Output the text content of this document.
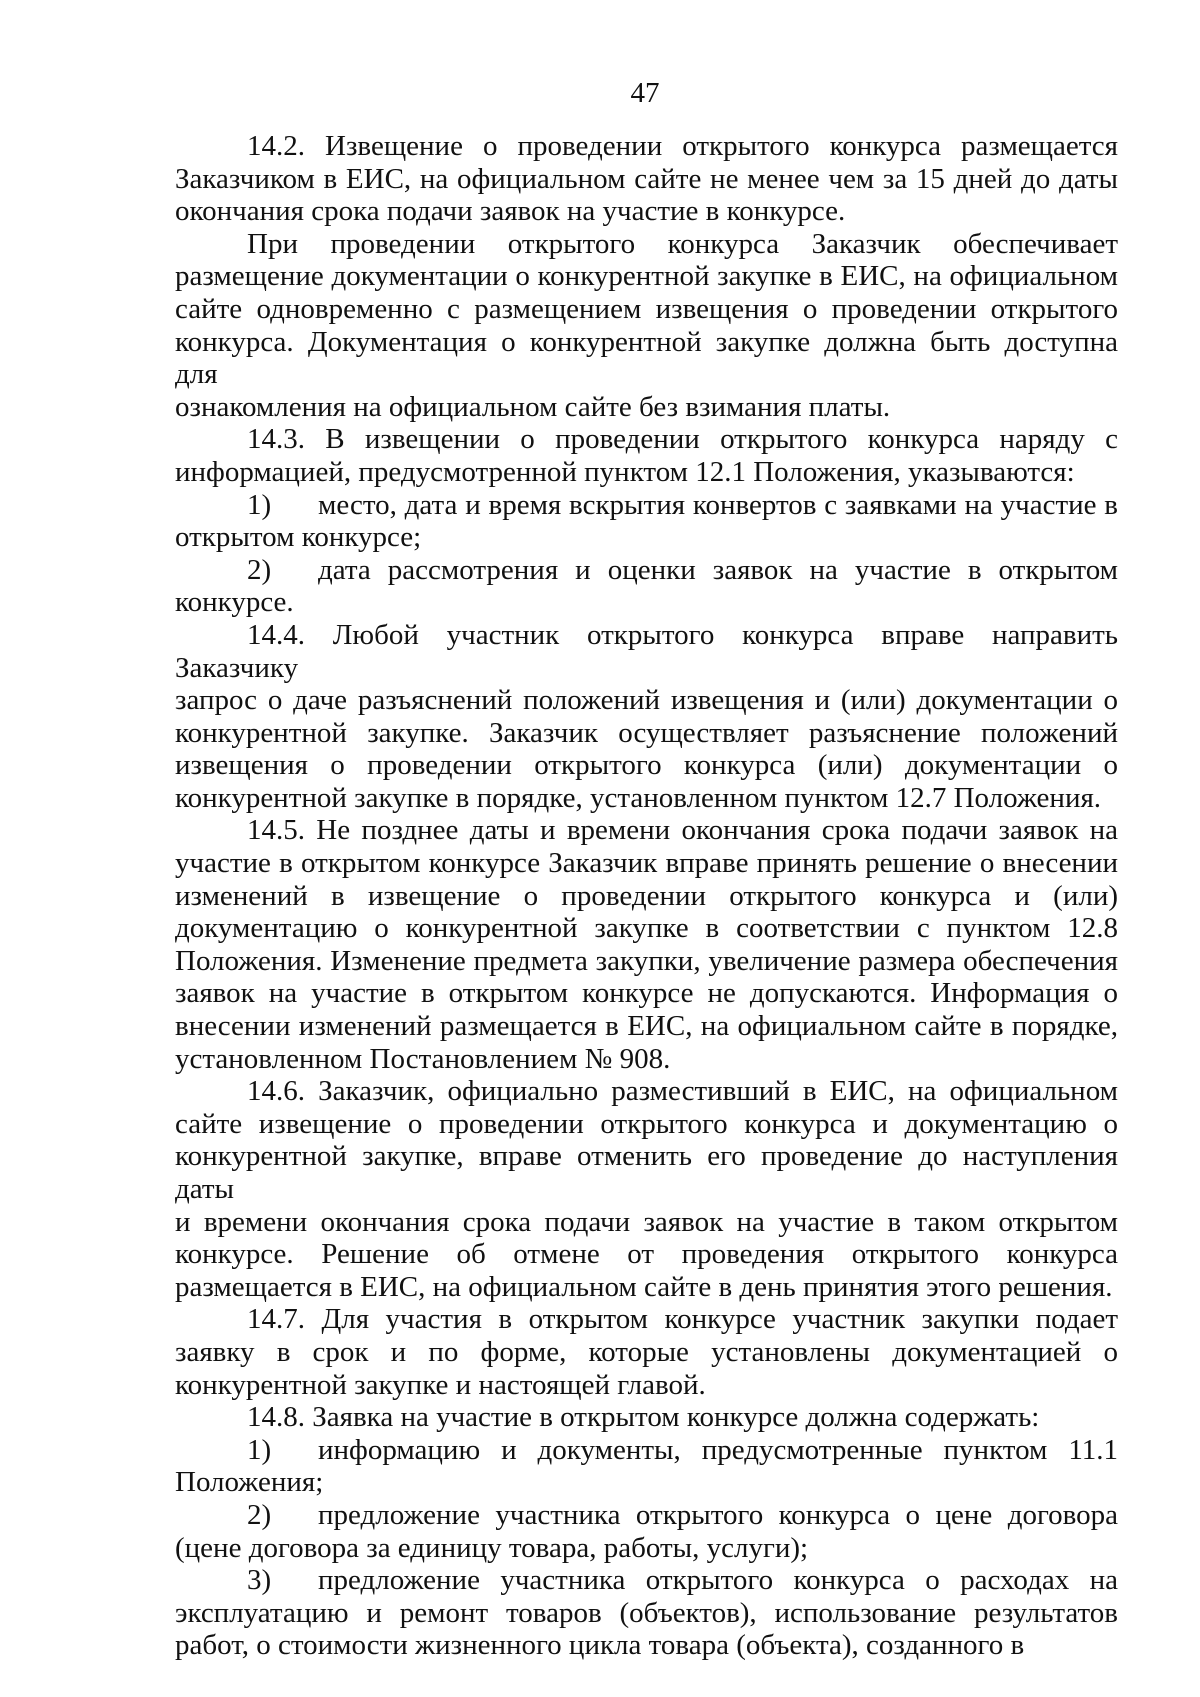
47
14.2. Извещение о проведении открытого конкурса размещается
Заказчиком в ЕИС, на официальном сайте не менее чем за 15 дней до даты
окончания срока подачи заявок на участие в конкурсе.
При проведении открытого конкурса Заказчик обеспечивает
размещение документации о конкурентной закупке в ЕИС, на официальном
сайте одновременно с размещением извещения о проведении открытого
конкурса. Документация о конкурентной закупке должна быть доступна для
ознакомления на официальном сайте без взимания платы.
14.3. В извещении о проведении открытого конкурса наряду с
информацией, предусмотренной пунктом 12.1 Положения, указываются:
1) место, дата и время вскрытия конвертов с заявками на участие в
открытом конкурсе;
2) дата рассмотрения и оценки заявок на участие в открытом
конкурсе.
14.4. Любой участник открытого конкурса вправе направить Заказчику
запрос о даче разъяснений положений извещения и (или) документации о
конкурентной закупке. Заказчик осуществляет разъяснение положений
извещения о проведении открытого конкурса (или) документации о
конкурентной закупке в порядке, установленном пунктом 12.7 Положения.
14.5. Не позднее даты и времени окончания срока подачи заявок на
участие в открытом конкурсе Заказчик вправе принять решение о внесении
изменений в извещение о проведении открытого конкурса и (или)
документацию о конкурентной закупке в соответствии с пунктом 12.8
Положения. Изменение предмета закупки, увеличение размера обеспечения
заявок на участие в открытом конкурсе не допускаются. Информация о
внесении изменений размещается в ЕИС, на официальном сайте в порядке,
установленном Постановлением № 908.
14.6. Заказчик, официально разместивший в ЕИС, на официальном
сайте извещение о проведении открытого конкурса и документацию о
конкурентной закупке, вправе отменить его проведение до наступления даты
и времени окончания срока подачи заявок на участие в таком открытом
конкурсе. Решение об отмене от проведения открытого конкурса
размещается в ЕИС, на официальном сайте в день принятия этого решения.
14.7. Для участия в открытом конкурсе участник закупки подает
заявку в срок и по форме, которые установлены документацией о
конкурентной закупке и настоящей главой.
14.8. Заявка на участие в открытом конкурсе должна содержать:
1) информацию и документы, предусмотренные пунктом 11.1
Положения;
2) предложение участника открытого конкурса о цене договора
(цене договора за единицу товара, работы, услуги);
3) предложение участника открытого конкурса о расходах на
эксплуатацию и ремонт товаров (объектов), использование результатов
работ, о стоимости жизненного цикла товара (объекта), созданного в
